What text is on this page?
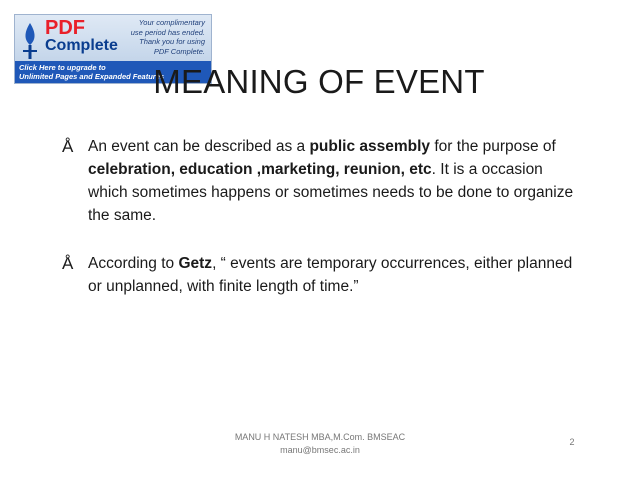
PDF
Complete
Your complimentary
use period has ended.
Thank you for using
PDF Complete.
Click Here to upgrade to
Unlimited Pages and Expanded Features
MEANING OF EVENT
Å An event can be described as a public assembly for the purpose of celebration, education ,marketing, reunion, etc. It is a occasion which sometimes happens or sometimes needs to be done to organize the same.
Å According to Getz, “ events are temporary occurrences, either planned or unplanned, with finite length of time.”
MANU H NATESH MBA,M.Com. BMSEAC
manu@bmsec.ac.in
2
